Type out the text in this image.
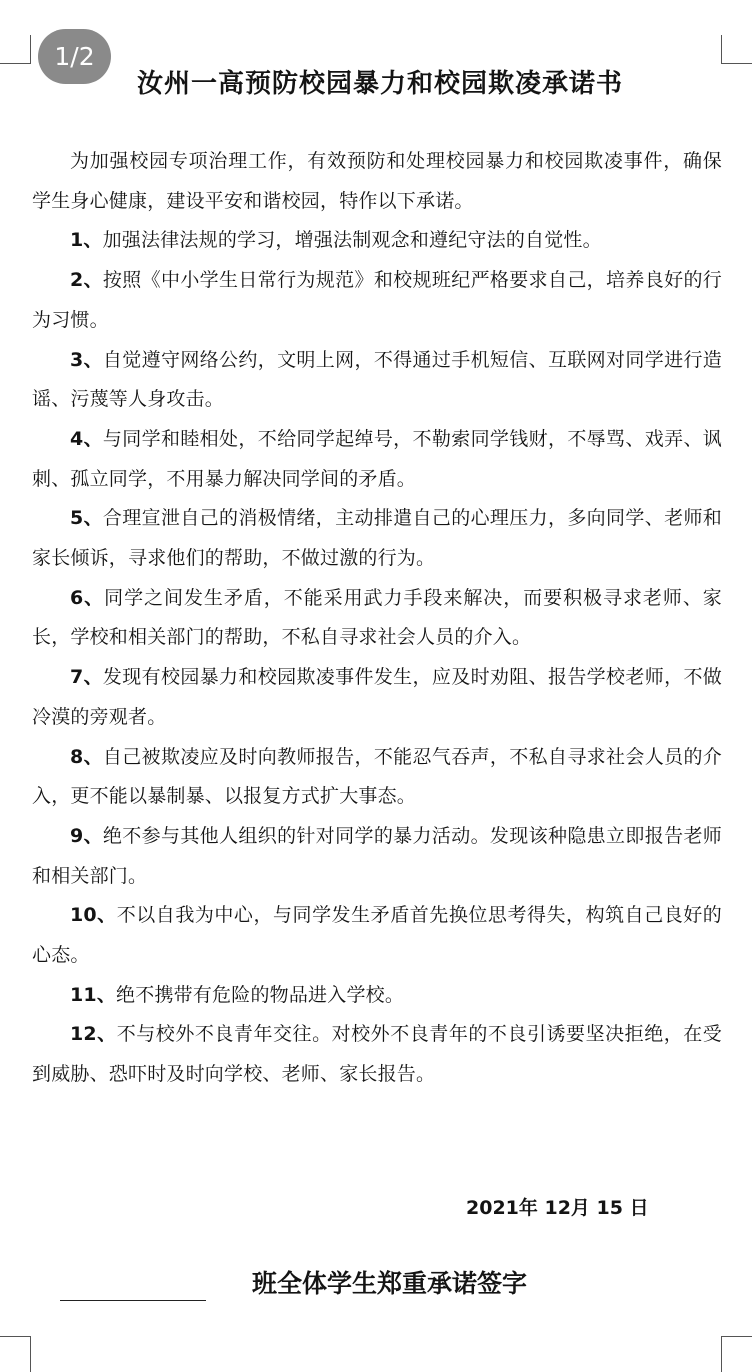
1/2
汝州一高预防校园暴力和校园欺凌承诺书

为加强校园专项治理工作，有效预防和处理校园暴力和校园欺凌事件，确保学生身心健康，建设平安和谐校园，特作以下承诺。

1、加强法律法规的学习，增强法制观念和遵纪守法的自觉性。

2、按照《中小学生日常行为规范》和校规班纪严格要求自己，培养良好的行为习惯。

3、自觉遵守网络公约，文明上网，不得通过手机短信、互联网对同学进行造谣、污蔑等人身攻击。

4、与同学和睦相处，不给同学起绰号，不勒索同学钱财，不辱骂、戏弄、讽刺、孤立同学，不用暴力解决同学间的矛盾。

5、合理宣泄自己的消极情绪，主动排遣自己的心理压力，多向同学、老师和家长倾诉，寻求他们的帮助，不做过激的行为。

6、同学之间发生矛盾，不能采用武力手段来解决，而要积极寻求老师、家长，学校和相关部门的帮助，不私自寻求社会人员的介入。

7、发现有校园暴力和校园欺凌事件发生，应及时劝阻、报告学校老师，不做冷漠的旁观者。

8、自己被欺凌应及时向教师报告，不能忍气吞声，不私自寻求社会人员的介入，更不能以暴制暴、以报复方式扩大事态。

9、绝不参与其他人组织的针对同学的暴力活动。发现该种隐患立即报告老师和相关部门。

10、不以自我为中心，与同学发生矛盾首先换位思考得失，构筑自己良好的心态。

11、绝不携带有危险的物品进入学校。

12、不与校外不良青年交往。对校外不良青年的不良引诱要坚决拒绝，在受到威胁、恐吓时及时向学校、老师、家长报告。

2021年 12月 15 日
班全体学生郑重承诺签字
